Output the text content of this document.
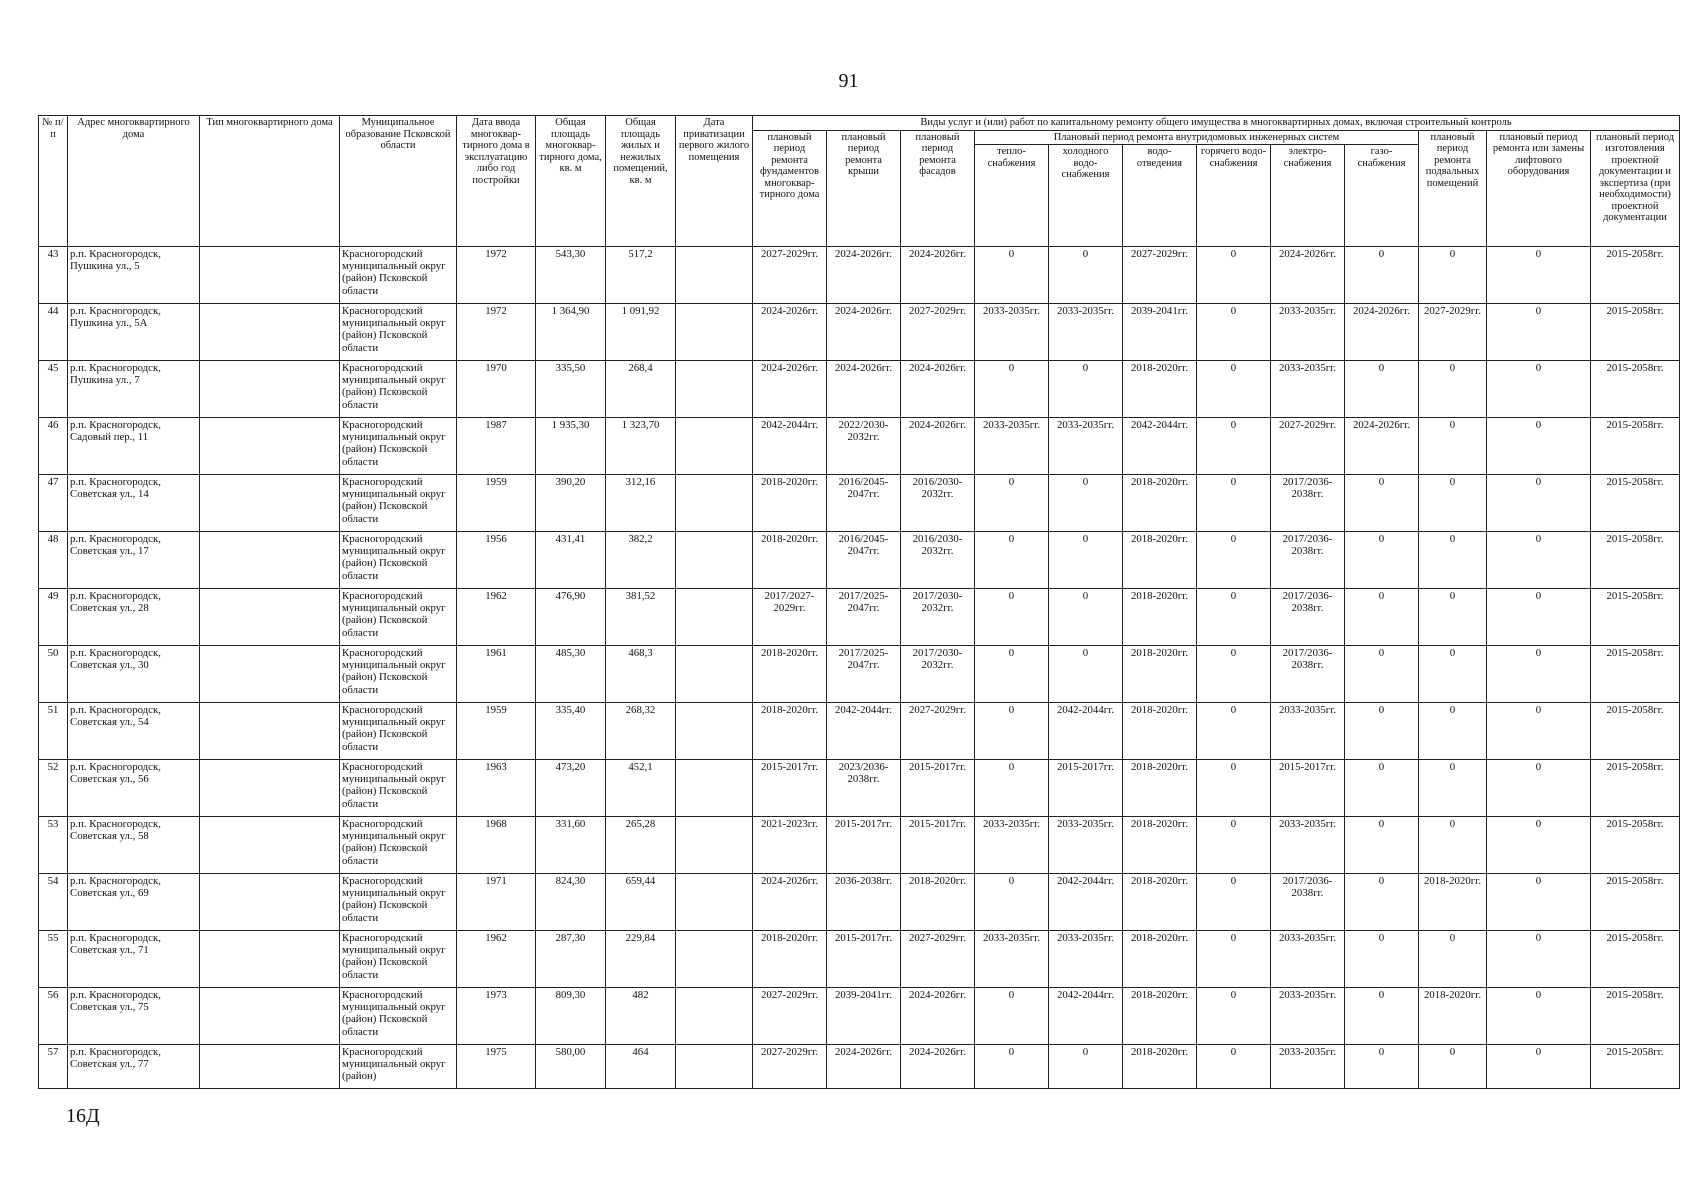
91
№ п/п	Адрес многоквартирного дома	Тип многоквартирного дома	Муниципальное образование Псковской области	Дата ввода многоквар-тирного дома в эксплуатацию либо год постройки	Общая площадь многоквар-тирного дома, кв. м	Общая площадь жилых и нежилых помещений, кв. м	Дата приватизации первого жилого помещения	Виды услуг и (или) работ по капитальному ремонту общего имущества в многоквартирных домах, включая строительный контроль											
								плановый период ремонта фундаментов многоквар-тирного дома	плановый период ремонта крыши	плановый период ремонта фасадов	Плановый период ремонта внутридомовых инженерных систем						плановый период ремонта подвальных помещений	плановый период ремонта или замены лифтового оборудования	плановый период изготовления проектной документации и экспертиза (при необходимости) проектной документации
											тепло-снабжения	холодного водо-снабжения	водо-отведения	горячего водо-снабжения	электро-снабжения	газо-снабжения			
43	р.п. Красногородск, Пушкина ул., 5		Красногородский муниципальный округ (район) Псковской области	1972	543,30	517,2		2027-2029гг.	2024-2026гг.	2024-2026гг.	0	0	2027-2029гг.	0	2024-2026гг.	0	0	0	2015-2058гг.
44	р.п. Красногородск, Пушкина ул., 5А		Красногородский муниципальный округ (район) Псковской области	1972	1 364,90	1 091,92		2024-2026гг.	2024-2026гг.	2027-2029гг.	2033-2035гг.	2033-2035гг.	2039-2041гг.	0	2033-2035гг.	2024-2026гг.	2027-2029гг.	0	2015-2058гг.
45	р.п. Красногородск, Пушкина ул., 7		Красногородский муниципальный округ (район) Псковской области	1970	335,50	268,4		2024-2026гг.	2024-2026гг.	2024-2026гг.	0	0	2018-2020гг.	0	2033-2035гг.	0	0	0	2015-2058гг.
46	р.п. Красногородск, Садовый пер., 11		Красногородский муниципальный округ (район) Псковской области	1987	1 935,30	1 323,70		2042-2044гг.	2022/2030-2032гг.	2024-2026гг.	2033-2035гг.	2033-2035гг.	2042-2044гг.	0	2027-2029гг.	2024-2026гг.	0	0	2015-2058гг.
47	р.п. Красногородск, Советская ул., 14		Красногородский муниципальный округ (район) Псковской области	1959	390,20	312,16		2018-2020гг.	2016/2045-2047гг.	2016/2030-2032гг.	0	0	2018-2020гг.	0	2017/2036-2038гг.	0	0	0	2015-2058гг.
48	р.п. Красногородск, Советская ул., 17		Красногородский муниципальный округ (район) Псковской области	1956	431,41	382,2		2018-2020гг.	2016/2045-2047гг.	2016/2030-2032гг.	0	0	2018-2020гг.	0	2017/2036-2038гг.	0	0	0	2015-2058гг.
49	р.п. Красногородск, Советская ул., 28		Красногородский муниципальный округ (район) Псковской области	1962	476,90	381,52		2017/2027-2029гг.	2017/2025-2047гг.	2017/2030-2032гг.	0	0	2018-2020гг.	0	2017/2036-2038гг.	0	0	0	2015-2058гг.
50	р.п. Красногородск, Советская ул., 30		Красногородский муниципальный округ (район) Псковской области	1961	485,30	468,3		2018-2020гг.	2017/2025-2047гг.	2017/2030-2032гг.	0	0	2018-2020гг.	0	2017/2036-2038гг.	0	0	0	2015-2058гг.
51	р.п. Красногородск, Советская ул., 54		Красногородский муниципальный округ (район) Псковской области	1959	335,40	268,32		2018-2020гг.	2042-2044гг.	2027-2029гг.	0	2042-2044гг.	2018-2020гг.	0	2033-2035гг.	0	0	0	2015-2058гг.
52	р.п. Красногородск, Советская ул., 56		Красногородский муниципальный округ (район) Псковской области	1963	473,20	452,1		2015-2017гг.	2023/2036-2038гг.	2015-2017гг.	0	2015-2017гг.	2018-2020гг.	0	2015-2017гг.	0	0	0	2015-2058гг.
53	р.п. Красногородск, Советская ул., 58		Красногородский муниципальный округ (район) Псковской области	1968	331,60	265,28		2021-2023гг.	2015-2017гг.	2015-2017гг.	2033-2035гг.	2033-2035гг.	2018-2020гг.	0	2033-2035гг.	0	0	0	2015-2058гг.
54	р.п. Красногородск, Советская ул., 69		Красногородский муниципальный округ (район) Псковской области	1971	824,30	659,44		2024-2026гг.	2036-2038гг.	2018-2020гг.	0	2042-2044гг.	2018-2020гг.	0	2017/2036-2038гг.	0	2018-2020гг.	0	2015-2058гг.
55	р.п. Красногородск, Советская ул., 71		Красногородский муниципальный округ (район) Псковской области	1962	287,30	229,84		2018-2020гг.	2015-2017гг.	2027-2029гг.	2033-2035гг.	2033-2035гг.	2018-2020гг.	0	2033-2035гг.	0	0	0	2015-2058гг.
56	р.п. Красногородск, Советская ул., 75		Красногородский муниципальный округ (район) Псковской области	1973	809,30	482		2027-2029гг.	2039-2041гг.	2024-2026гг.	0	2042-2044гг.	2018-2020гг.	0	2033-2035гг.	0	2018-2020гг.	0	2015-2058гг.
57	р.п. Красногородск, Советская ул., 77		Красногородский муниципальный округ (район)	1975	580,00	464		2027-2029гг.	2024-2026гг.	2024-2026гг.	0	0	2018-2020гг.	0	2033-2035гг.	0	0	0	2015-2058гг.
16Д
